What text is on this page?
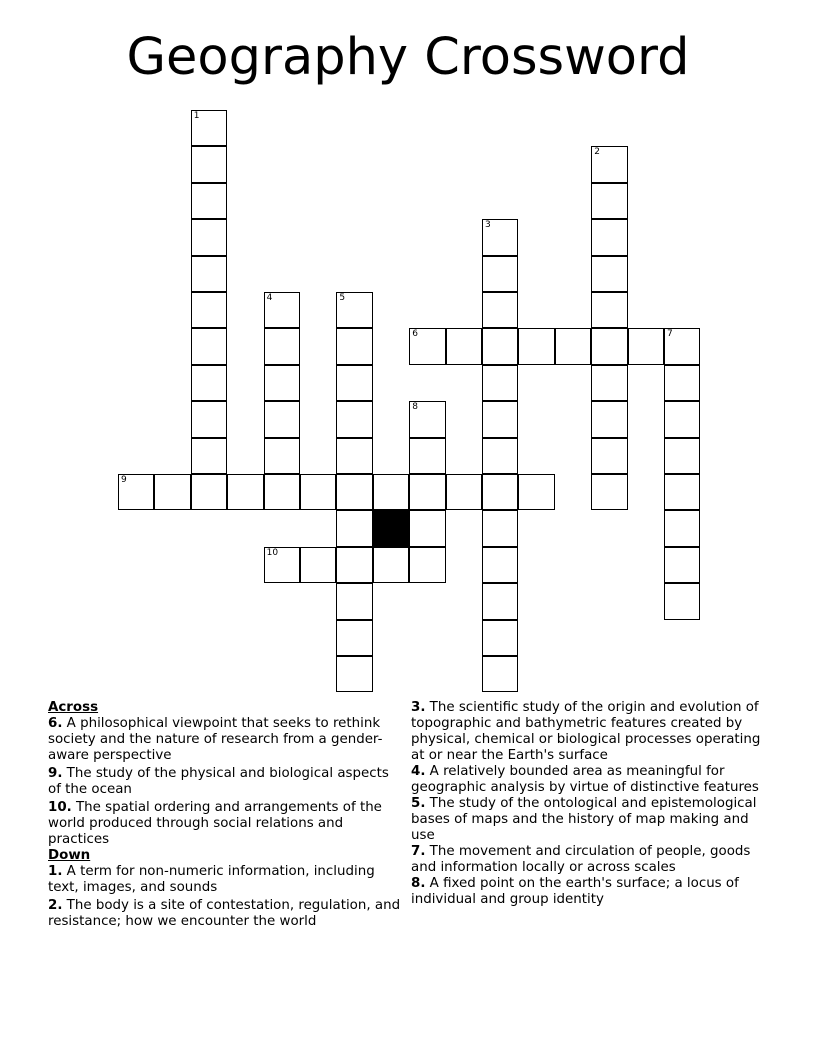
Geography Crossword
1
2
3
4	5
6	7
8
9
10
Across
6. A philosophical viewpoint that seeks to rethink society and the nature of research from a gender-aware perspective
9. The study of the physical and biological aspects of the ocean
10. The spatial ordering and arrangements of the world produced through social relations and practices
Down
1. A term for non-numeric information, including text, images, and sounds
2. The body is a site of contestation, regulation, and resistance; how we encounter the world
3. The scientific study of the origin and evolution of topographic and bathymetric features created by physical, chemical or biological processes operating at or near the Earth's surface
4. A relatively bounded area as meaningful for geographic analysis by virtue of distinctive features
5. The study of the ontological and epistemological bases of maps and the history of map making and use
7. The movement and circulation of people, goods and information locally or across scales
8. A fixed point on the earth's surface; a locus of individual and group identity
